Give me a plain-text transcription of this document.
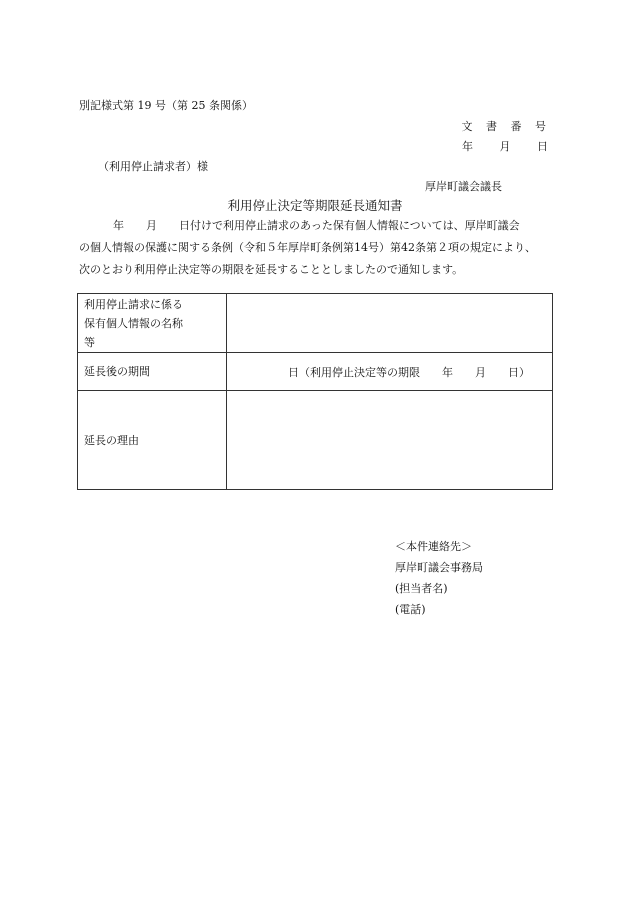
別記様式第 19 号（第 25 条関係）
文 書 番 号
年　 月　 日
（利用停止請求者）様
厚岸町議会議長
利用停止決定等期限延長通知書
年　　月　　日付けで利用停止請求のあった保有個人情報については、厚岸町議会
の個人情報の保護に関する条例（令和５年厚岸町条例第14号）第42条第２項の規定により、
次のとおり利用停止決定等の期限を延長することとしましたので通知します。
利用停止請求に係る
保有個人情報の名称
等	
延長後の期間	日（利用停止決定等の期限　　年　　月　　日）
延長の理由	
＜本件連絡先＞
厚岸町議会事務局
(担当者名)
(電話)
